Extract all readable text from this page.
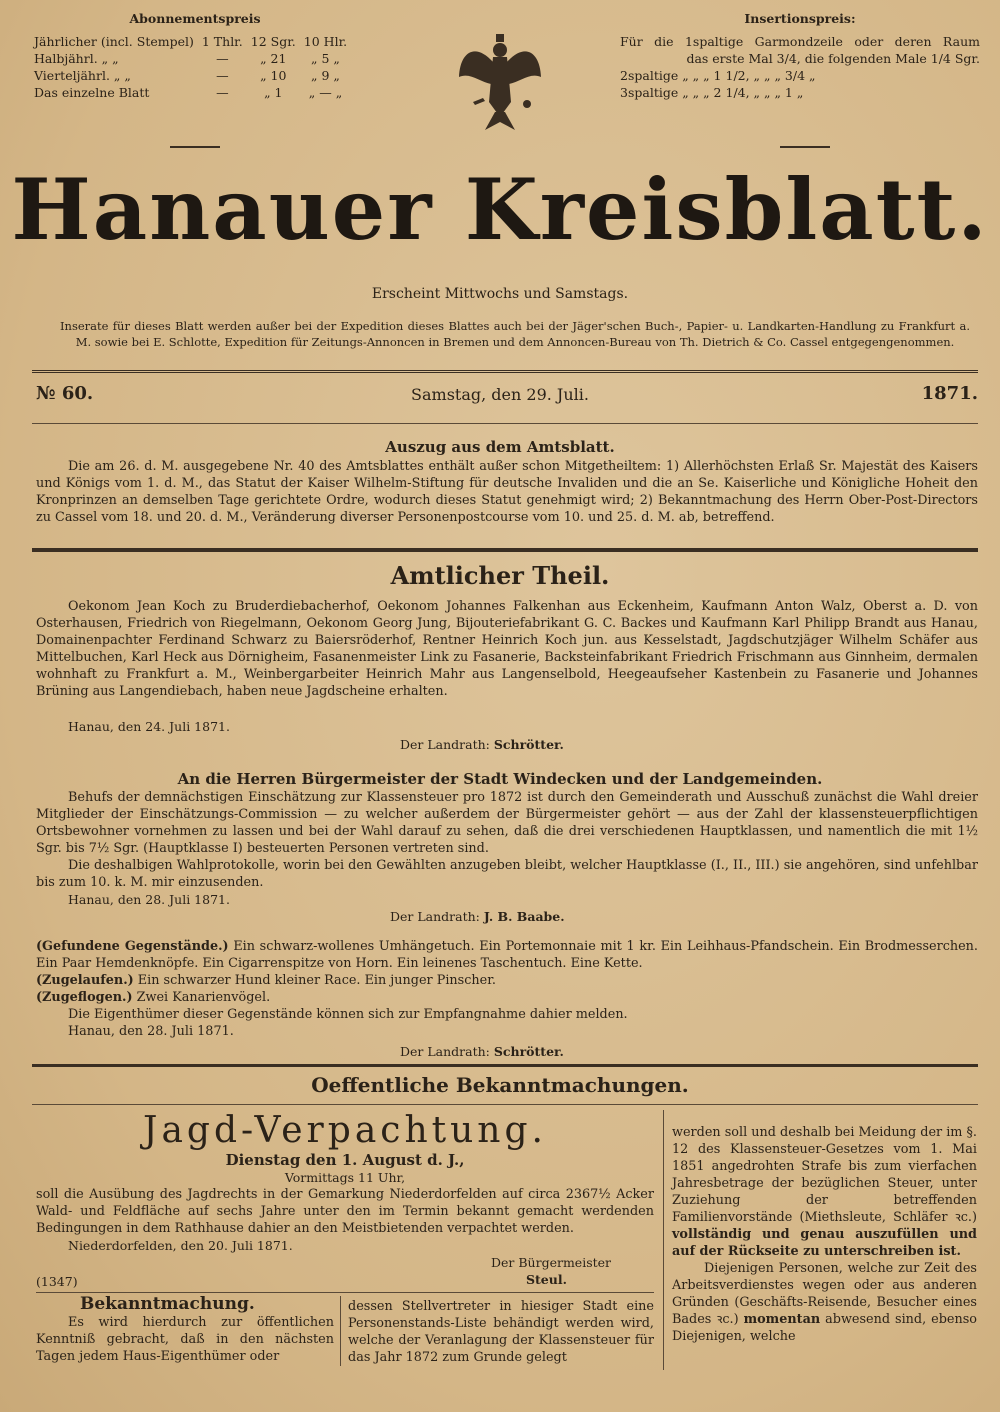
Abonnementspreis
Jährlicher (incl. Stempel)	1 Thlr.	12 Sgr.	10 Hlr.
Halbjährl. „ „	—	„ 21	„ 5 „
Vierteljährl. „ „	—	„ 10	„ 9 „
Das einzelne Blatt	—	„ 1	„ — „
Insertionspreis:
Für die 1spaltige Garmondzeile oder deren Raum
das erste Mal 3/4, die folgenden Male 1/4 Sgr.
2spaltige „ „ „ 1 1/2, „ „ „ 3/4 „
3spaltige „ „ „ 2 1/4, „ „ „ 1 „
Hanauer Kreisblatt.
Erscheint Mittwochs und Samstags.
Inserate für dieses Blatt werden außer bei der Expedition dieses Blattes auch bei der Jäger'schen Buch-, Papier- u. Landkarten-Handlung zu Frankfurt a. M. sowie bei E. Schlotte, Expedition für Zeitungs-Annoncen in Bremen und dem Annoncen-Bureau von Th. Dietrich & Co. Cassel entgegengenommen.
№ 60.	Samstag, den 29. Juli.	1871.
Auszug aus dem Amtsblatt.

Die am 26. d. M. ausgegebene Nr. 40 des Amtsblattes enthält außer schon Mitgetheiltem: 1) Allerhöchsten Erlaß Sr. Majestät des Kaisers und Königs vom 1. d. M., das Statut der Kaiser Wilhelm-Stiftung für deutsche Invaliden und die an Se. Kaiserliche und Königliche Hoheit den Kronprinzen an demselben Tage gerichtete Ordre, wodurch dieses Statut genehmigt wird; 2) Bekanntmachung des Herrn Ober-Post-Directors zu Cassel vom 18. und 20. d. M., Veränderung diverser Personenpostcourse vom 10. und 25. d. M. ab, betreffend.

Amtlicher Theil.

Oekonom Jean Koch zu Bruderdiebacherhof, Oekonom Johannes Falkenhan aus Eckenheim, Kaufmann Anton Walz, Oberst a. D. von Osterhausen, Friedrich von Riegelmann, Oekonom Georg Jung, Bijouteriefabrikant G. C. Backes und Kaufmann Karl Philipp Brandt aus Hanau, Domainenpachter Ferdinand Schwarz zu Baiersröderhof, Rentner Heinrich Koch jun. aus Kesselstadt, Jagdschutzjäger Wilhelm Schäfer aus Mittelbuchen, Karl Heck aus Dörnigheim, Fasanenmeister Link zu Fasanerie, Backsteinfabrikant Friedrich Frischmann aus Ginnheim, dermalen wohnhaft zu Frankfurt a. M., Weinbergarbeiter Heinrich Mahr aus Langenselbold, Heegeaufseher Kastenbein zu Fasanerie und Johannes Brüning aus Langendiebach, haben neue Jagdscheine erhalten.

Hanau, den 24. Juli 1871.
Der Landrath: Schrötter.
An die Herren Bürgermeister der Stadt Windecken und der Landgemeinden.

Behufs der demnächstigen Einschätzung zur Klassensteuer pro 1872 ist durch den Gemeinderath und Ausschuß zunächst die Wahl dreier Mitglieder der Einschätzungs-Commission — zu welcher außerdem der Bürgermeister gehört — aus der Zahl der klassensteuerpflichtigen Ortsbewohner vornehmen zu lassen und bei der Wahl darauf zu sehen, daß die drei verschiedenen Hauptklassen, und namentlich die mit 1½ Sgr. bis 7½ Sgr. (Hauptklasse I) besteuerten Personen vertreten sind.

Die deshalbigen Wahlprotokolle, worin bei den Gewählten anzugeben bleibt, welcher Hauptklasse (I., II., III.) sie angehören, sind unfehlbar bis zum 10. k. M. mir einzusenden.

Hanau, den 28. Juli 1871.

Der Landrath: J. B. Baabe.

(Gefundene Gegenstände.) Ein schwarz-wollenes Umhängetuch. Ein Portemonnaie mit 1 kr. Ein Leihhaus-Pfandschein. Ein Brodmesserchen. Ein Paar Hemdenknöpfe. Ein Cigarrenspitze von Horn. Ein leinenes Taschentuch. Eine Kette.

(Zugelaufen.) Ein schwarzer Hund kleiner Race. Ein junger Pinscher.

(Zugeflogen.) Zwei Kanarienvögel.

Die Eigenthümer dieser Gegenstände können sich zur Empfangnahme dahier melden.

Hanau, den 28. Juli 1871.

Der Landrath: Schrötter.
Oeffentliche Bekanntmachungen.
Jagd-Verpachtung.
Dienstag den 1. August d. J.,
Vormittags 11 Uhr,

soll die Ausübung des Jagdrechts in der Gemarkung Niederdorfelden auf circa 2367½ Acker Wald- und Feldfläche auf sechs Jahre unter den im Termin bekannt gemacht werdenden Bedingungen in dem Rathhause dahier an den Meistbietenden verpachtet werden.

Niederdorfelden, den 20. Juli 1871.

Der Bürgermeister
(1347)	Steul.
Bekanntmachung.

Es wird hierdurch zur öffentlichen Kenntniß gebracht, daß in den nächsten Tagen jedem Haus-Eigenthümer oder

dessen Stellvertreter in hiesiger Stadt eine Personenstands-Liste behändigt werden wird, welche der Veranlagung der Klassensteuer für das Jahr 1872 zum Grunde gelegt

werden soll und deshalb bei Meidung der im §. 12 des Klassensteuer-Gesetzes vom 1. Mai 1851 angedrohten Strafe bis zum vierfachen Jahresbetrage der bezüglichen Steuer, unter Zuziehung der betreffenden Familienvorstände (Miethsleute, Schläfer ꝛc.) vollständig und genau auszufüllen und auf der Rückseite zu unterschreiben ist.

Diejenigen Personen, welche zur Zeit des Arbeitsverdienstes wegen oder aus anderen Gründen (Geschäfts-Reisende, Besucher eines Bades ꝛc.) momentan abwesend sind, ebenso Diejenigen, welche
